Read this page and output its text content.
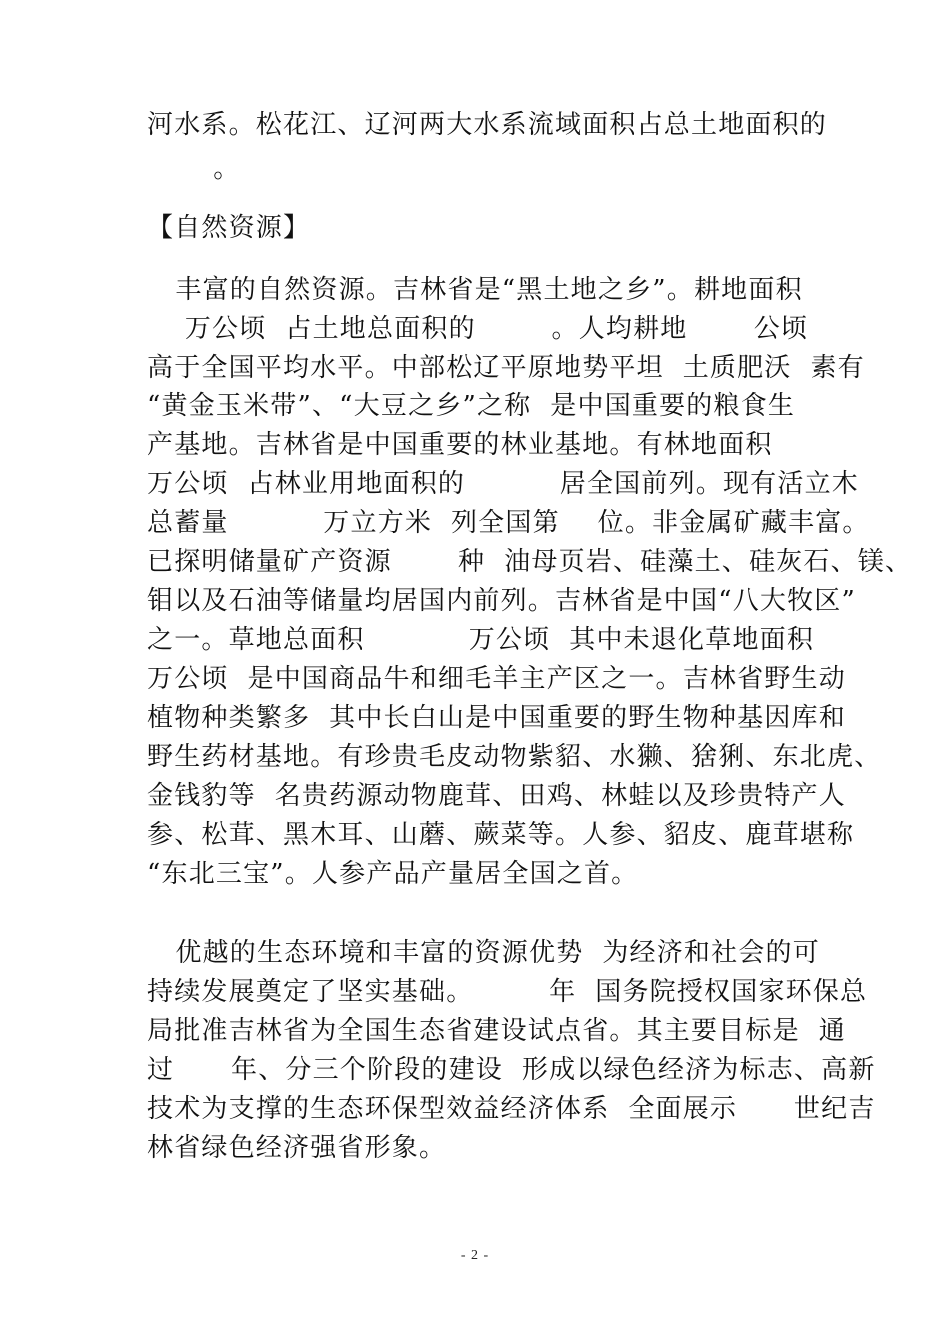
河水系。松花江、辽河两大水系流域面积占总土地面积的
。
【自然资源】
丰富的自然资源。吉林省是“黑土地之乡”。耕地面积
万公顷  占土地总面积的        。人均耕地       公顷
高于全国平均水平。中部松辽平原地势平坦  土质肥沃  素有
“黄金玉米带”、“大豆之乡”之称  是中国重要的粮食生
产基地。吉林省是中国重要的林业基地。有林地面积
万公顷  占林业用地面积的          居全国前列。现有活立木
总蓄量          万立方米  列全国第    位。非金属矿藏丰富。
已探明储量矿产资源       种  油母页岩、硅藻土、硅灰石、镁、
钼以及石油等储量均居国内前列。吉林省是中国“八大牧区”
之一。草地总面积           万公顷  其中未退化草地面积
万公顷  是中国商品牛和细毛羊主产区之一。吉林省野生动
植物种类繁多  其中长白山是中国重要的野生物种基因库和
野生药材基地。有珍贵毛皮动物紫貂、水獭、猞猁、东北虎、
金钱豹等  名贵药源动物鹿茸、田鸡、林蛙以及珍贵特产人
参、松茸、黑木耳、山蘑、蕨菜等。人参、貂皮、鹿茸堪称
“东北三宝”。人参产品产量居全国之首。
优越的生态环境和丰富的资源优势  为经济和社会的可
持续发展奠定了坚实基础。        年  国务院授权国家环保总
局批准吉林省为全国生态省建设试点省。其主要目标是  通
过      年、分三个阶段的建设  形成以绿色经济为标志、高新
技术为支撑的生态环保型效益经济体系  全面展示      世纪吉
林省绿色经济强省形象。
- 2 -
